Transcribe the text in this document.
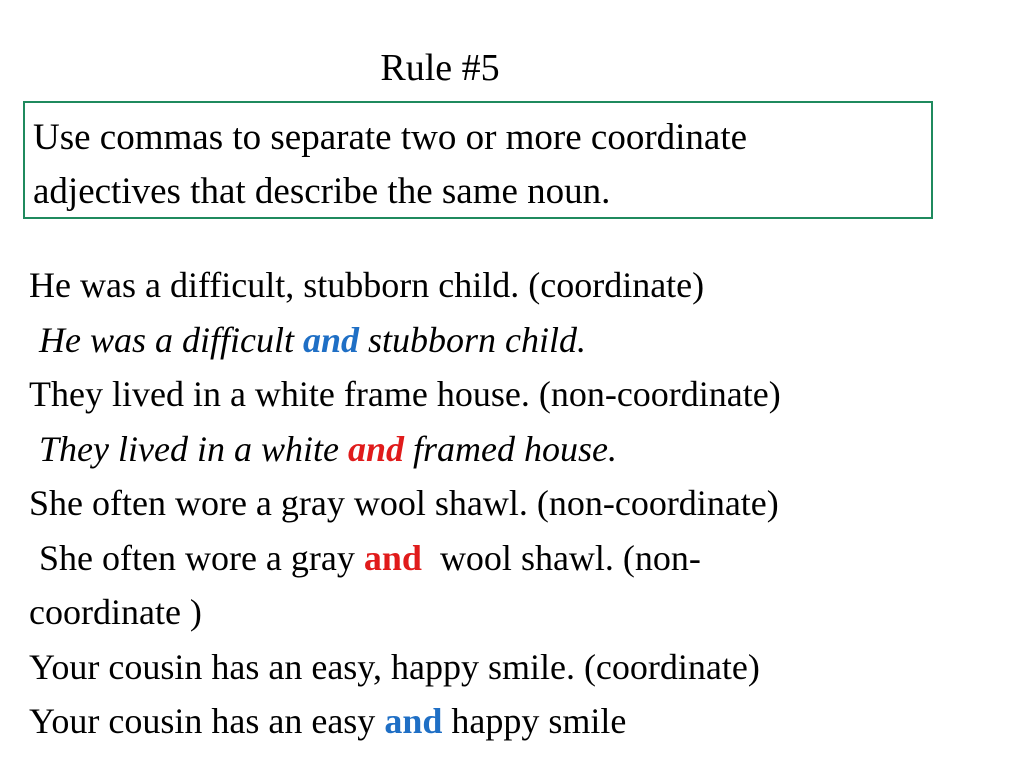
Rule #5
Use commas to separate two or more coordinate
adjectives that describe the same noun.
He was a difficult, stubborn child. (coordinate)
He was a difficult and stubborn child.
They lived in a white frame house. (non-coordinate)
They lived in a white and framed house.
She often wore a gray wool shawl. (non-coordinate)
She often wore a gray and wool shawl. (non-
coordinate )
Your cousin has an easy, happy smile. (coordinate)
Your cousin has an easy and happy smile
